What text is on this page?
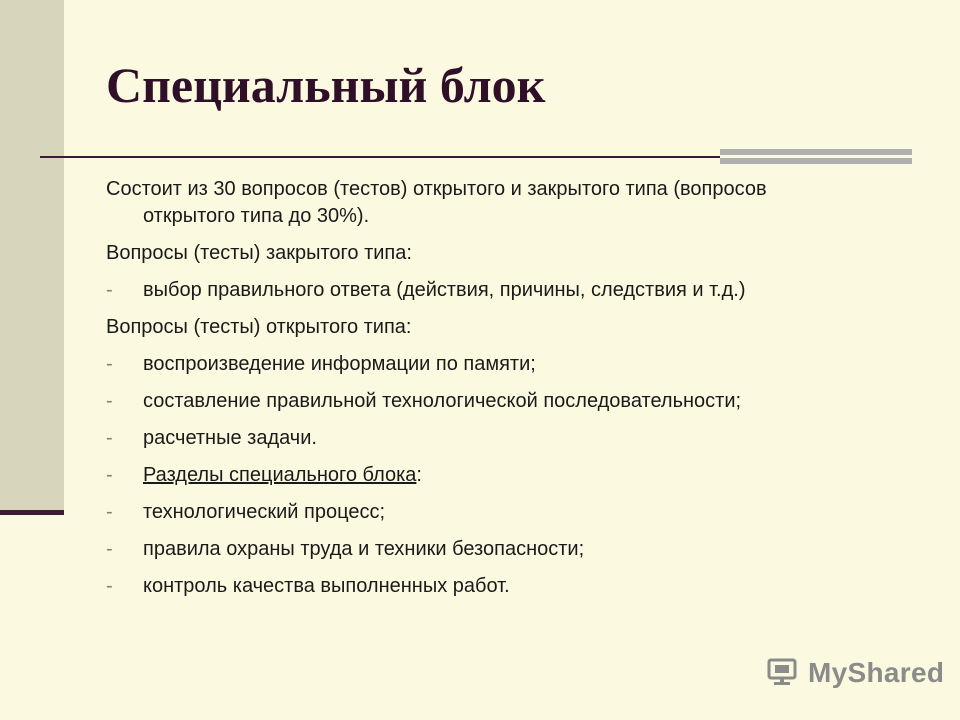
Специальный блок
Состоит из 30 вопросов (тестов) открытого и закрытого типа (вопросов
открытого типа до 30%).
Вопросы (тесты) закрытого типа:
-	выбор правильного ответа (действия, причины, следствия и т.д.)
Вопросы (тесты) открытого типа:
-	воспроизведение информации по памяти;
-	составление правильной технологической последовательности;
-	расчетные задачи.
-	Разделы специального блока:
-	технологический процесс;
-	правила охраны труда и техники безопасности;
-	контроль качества выполненных работ.
MyShared
